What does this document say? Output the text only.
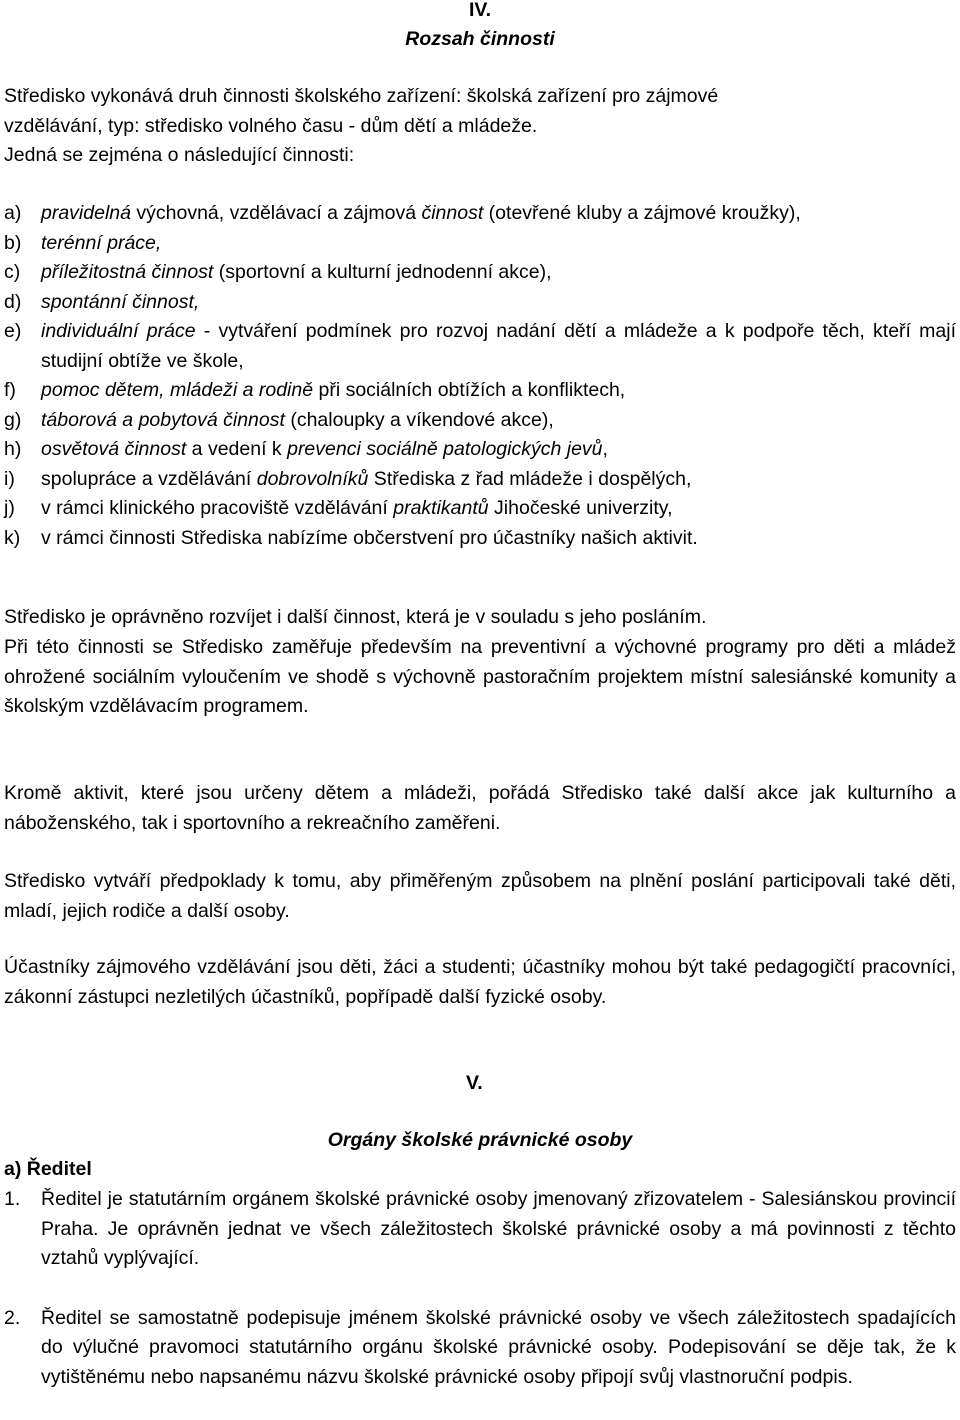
IV.
Rozsah činnosti

Středisko vykonává druh činnosti školského zařízení: školská zařízení pro zájmové

vzdělávání, typ: středisko volného času - dům dětí a mládeže.

Jedná se zejména o následující činnosti:

a)	pravidelná výchovná, vzdělávací a zájmová činnost (otevřené kluby a zájmové kroužky),
b)	terénní práce,
c)	příležitostná činnost (sportovní a kulturní jednodenní akce),
d)	spontánní činnost,
e)	individuální práce - vytváření podmínek pro rozvoj nadání dětí a mládeže a k podpoře těch, kteří mají studijní obtíže ve škole,
f)	pomoc dětem, mládeži a rodině při sociálních obtížích a konfliktech,
g)	táborová a pobytová činnost (chaloupky a víkendové akce),
h)	osvětová činnost a vedení k prevenci sociálně patologických jevů,
i)	spolupráce a vzdělávání dobrovolníků Střediska z řad mládeže i dospělých,
j)	v rámci klinického pracoviště vzdělávání praktikantů Jihočeské univerzity,
k)	v rámci činnosti Střediska nabízíme občerstvení pro účastníky našich aktivit.

Středisko je oprávněno rozvíjet i další činnost, která je v souladu s jeho posláním.

Při této činnosti se Středisko zaměřuje především na preventivní a výchovné programy pro děti a mládež ohrožené sociálním vyloučením ve shodě s výchovně pastoračním projektem místní salesiánské komunity a školským vzdělávacím programem.

Kromě aktivit, které jsou určeny dětem a mládeži, pořádá Středisko také další akce jak kulturního a náboženského, tak i sportovního a rekreačního zaměřeni.

Středisko vytváří předpoklady k tomu, aby přiměřeným způsobem na plnění poslání participovali také děti, mladí, jejich rodiče a další osoby.

Účastníky zájmového vzdělávání jsou děti, žáci a studenti; účastníky mohou být také pedagogičtí pracovníci, zákonní zástupci nezletilých účastníků, popřípadě další fyzické osoby.

V.
Orgány školské právnické osoby
a) Ředitel
1.	Ředitel je statutárním orgánem školské právnické osoby jmenovaný zřizovatelem - Salesiánskou provincií Praha. Je oprávněn jednat ve všech záležitostech školské právnické osoby a má povinnosti z těchto vztahů vyplývající.
2.	Ředitel se samostatně podepisuje jménem školské právnické osoby ve všech záležitostech spadajících do výlučné pravomoci statutárního orgánu školské právnické osoby. Podepisování se děje tak, že k vytištěnému nebo napsanému názvu školské právnické osoby připojí svůj vlastnoruční podpis.
